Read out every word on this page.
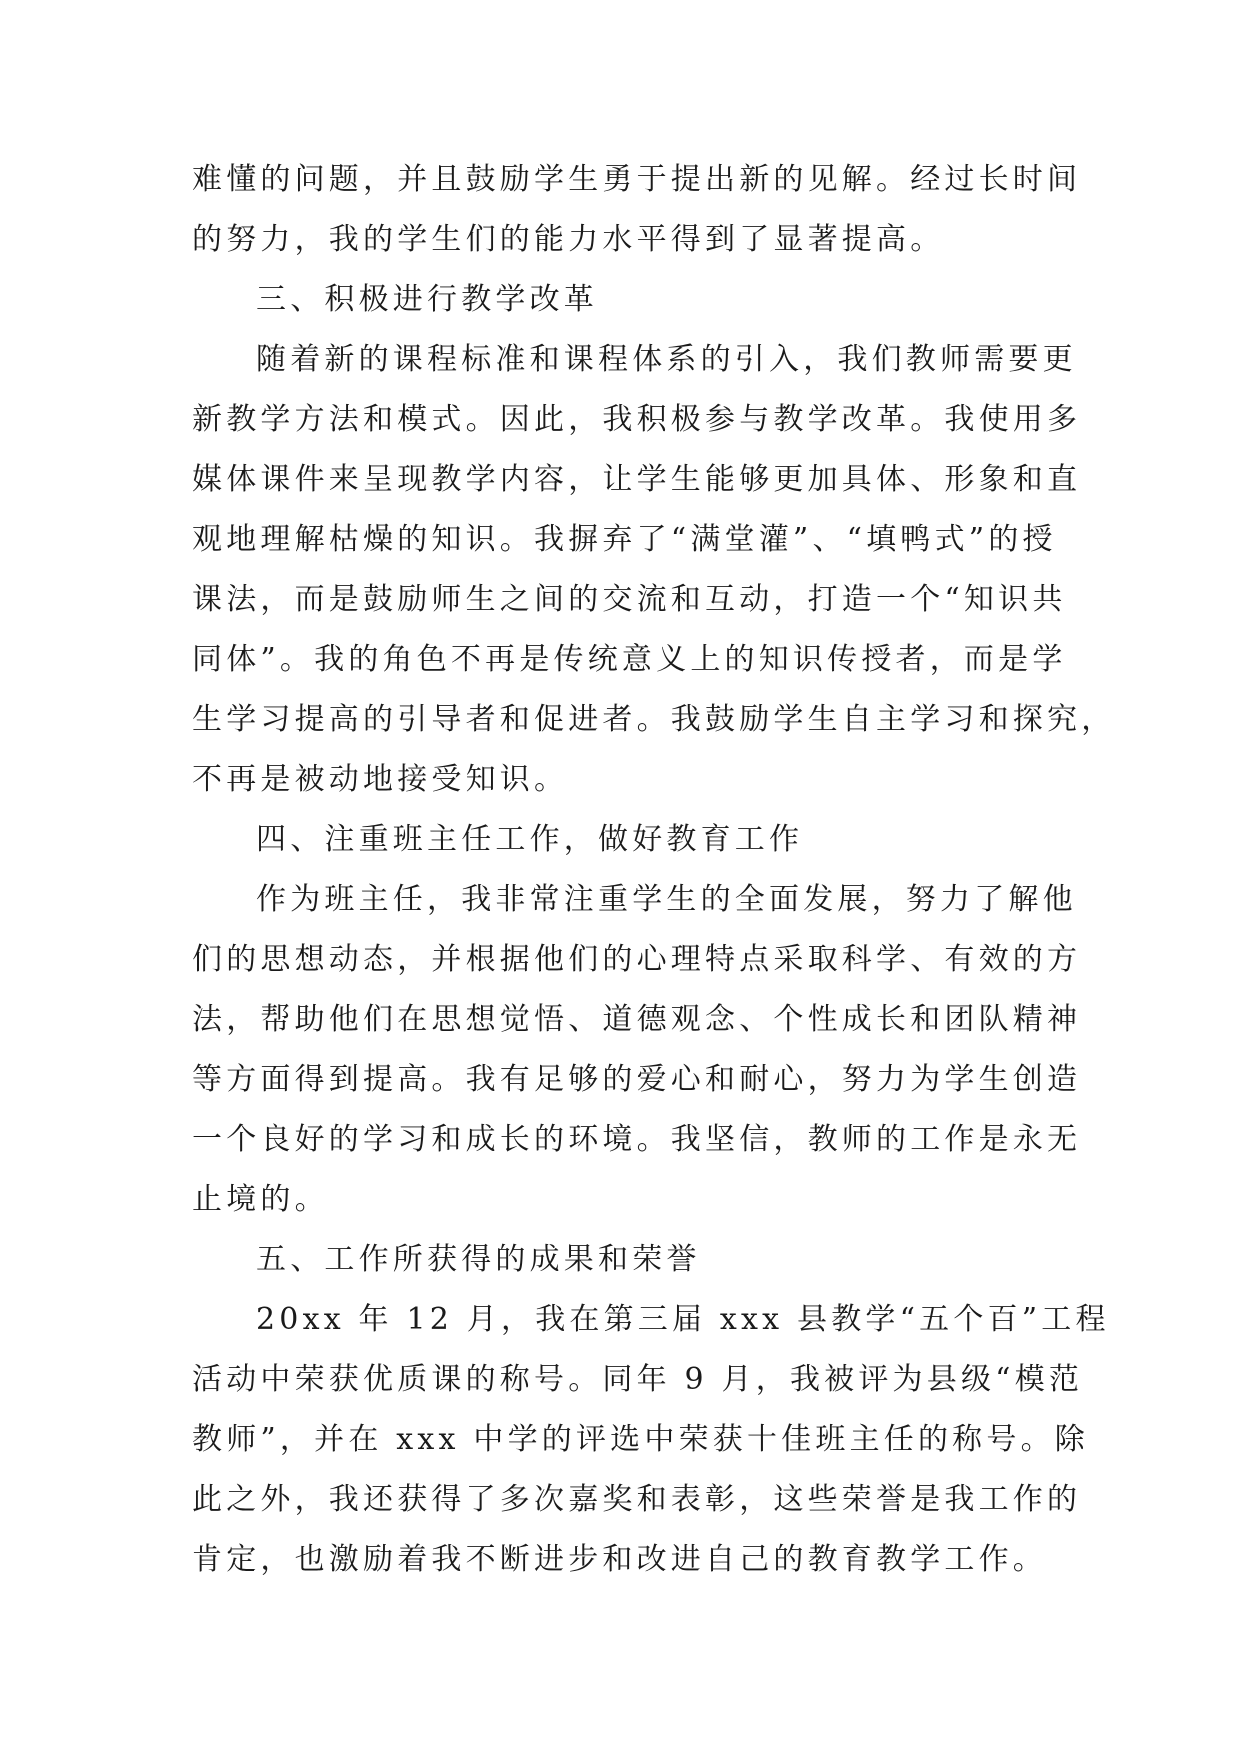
难懂的问题，并且鼓励学生勇于提出新的见解。经过长时间
的努力，我的学生们的能力水平得到了显著提高。
三、积极进行教学改革
随着新的课程标准和课程体系的引入，我们教师需要更
新教学方法和模式。因此，我积极参与教学改革。我使用多
媒体课件来呈现教学内容，让学生能够更加具体、形象和直
观地理解枯燥的知识。我摒弃了“满堂灌”、“填鸭式”的授
课法，而是鼓励师生之间的交流和互动，打造一个“知识共
同体”。我的角色不再是传统意义上的知识传授者，而是学
生学习提高的引导者和促进者。我鼓励学生自主学习和探究，
不再是被动地接受知识。
四、注重班主任工作，做好教育工作
作为班主任，我非常注重学生的全面发展，努力了解他
们的思想动态，并根据他们的心理特点采取科学、有效的方
法，帮助他们在思想觉悟、道德观念、个性成长和团队精神
等方面得到提高。我有足够的爱心和耐心，努力为学生创造
一个良好的学习和成长的环境。我坚信，教师的工作是永无
止境的。
五、工作所获得的成果和荣誉
20xx 年 12 月，我在第三届 xxx 县教学“五个百”工程
活动中荣获优质课的称号。同年 9 月，我被评为县级“模范
教师”，并在 xxx 中学的评选中荣获十佳班主任的称号。除
此之外，我还获得了多次嘉奖和表彰，这些荣誉是我工作的
肯定，也激励着我不断进步和改进自己的教育教学工作。
